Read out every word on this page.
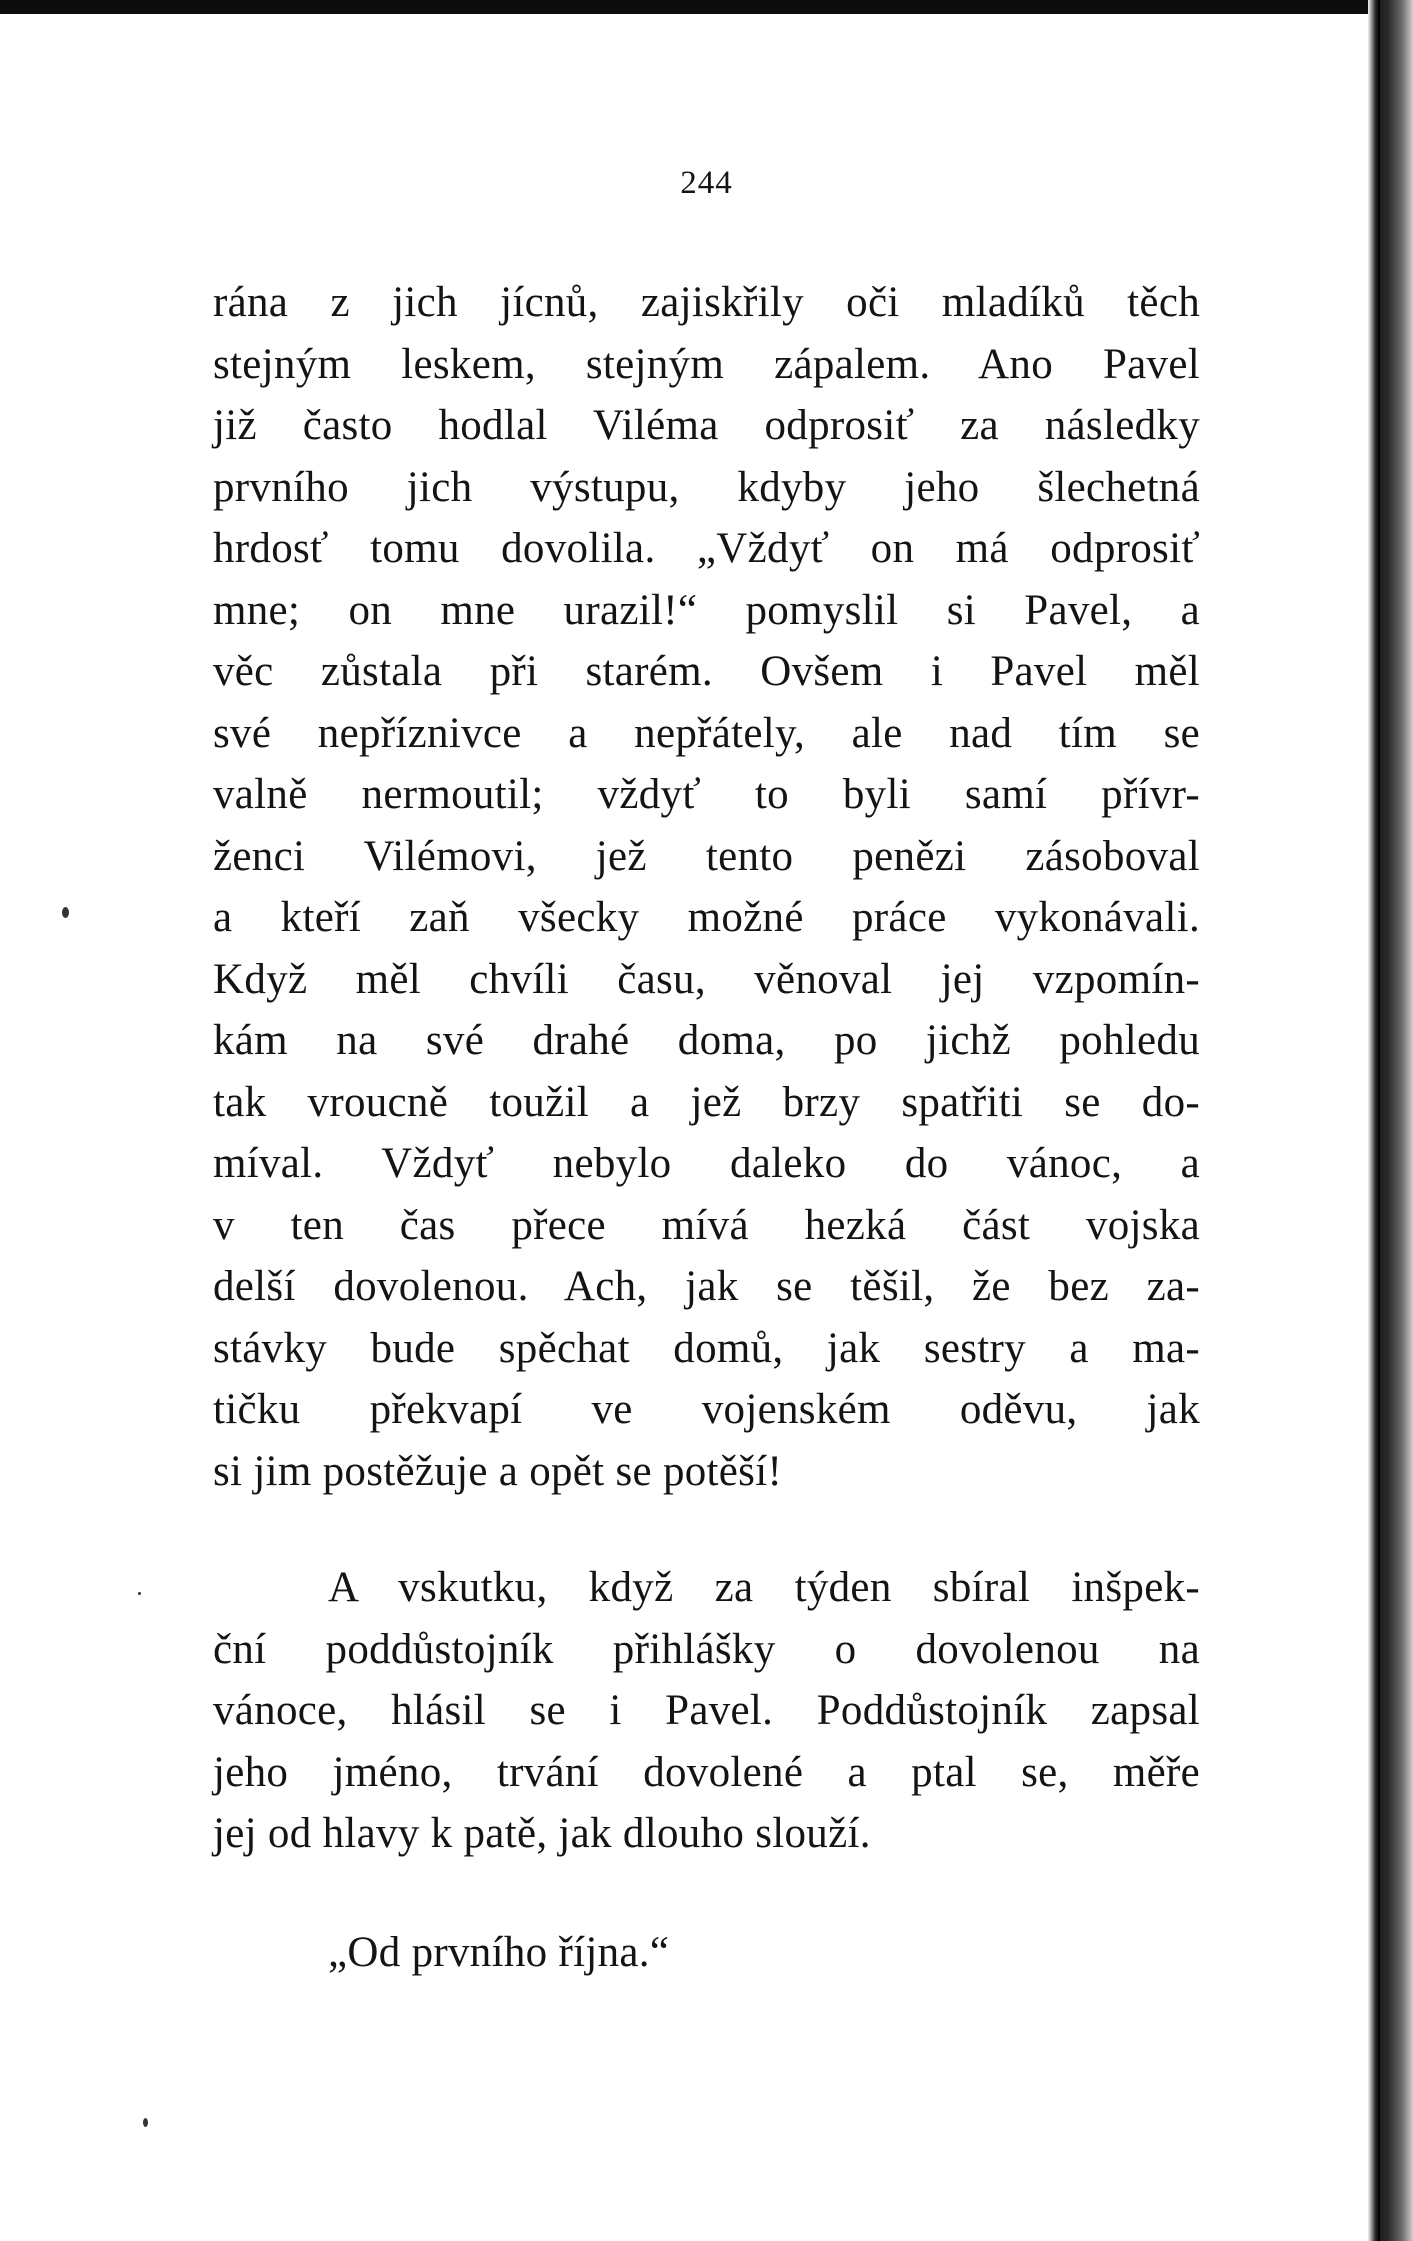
244
rána z jich jícnů, zajiskřily oči mladíků těch
stejným leskem, stejným zápalem. Ano Pavel
již často hodlal Viléma odprosiť za následky
prvního jich výstupu, kdyby jeho šlechetná
hrdosť tomu dovolila. „Vždyť on má odprosiť
mne; on mne urazil!“ pomyslil si Pavel, a
věc zůstala při starém. Ovšem i Pavel měl
své nepříznivce a nepřátely, ale nad tím se
valně nermoutil; vždyť to byli samí přívr-
ženci Vilémovi, jež tento penězi zásoboval
a kteří zaň všecky možné práce vykonávali.
Když měl chvíli času, věnoval jej vzpomín-
kám na své drahé doma, po jichž pohledu
tak vroucně toužil a jež brzy spatřiti se do-
míval. Vždyť nebylo daleko do vánoc, a
v ten čas přece mívá hezká část vojska
delší dovolenou. Ach, jak se těšil, že bez za-
stávky bude spěchat domů, jak sestry a ma-
tičku překvapí ve vojenském oděvu, jak
si jim postěžuje a opět se potěší!
A vskutku, když za týden sbíral inšpek-
ční poddůstojník přihlášky o dovolenou na
vánoce, hlásil se i Pavel. Poddůstojník zapsal
jeho jméno, trvání dovolené a ptal se, měře
jej od hlavy k patě, jak dlouho slouží.
„Od prvního října.“
